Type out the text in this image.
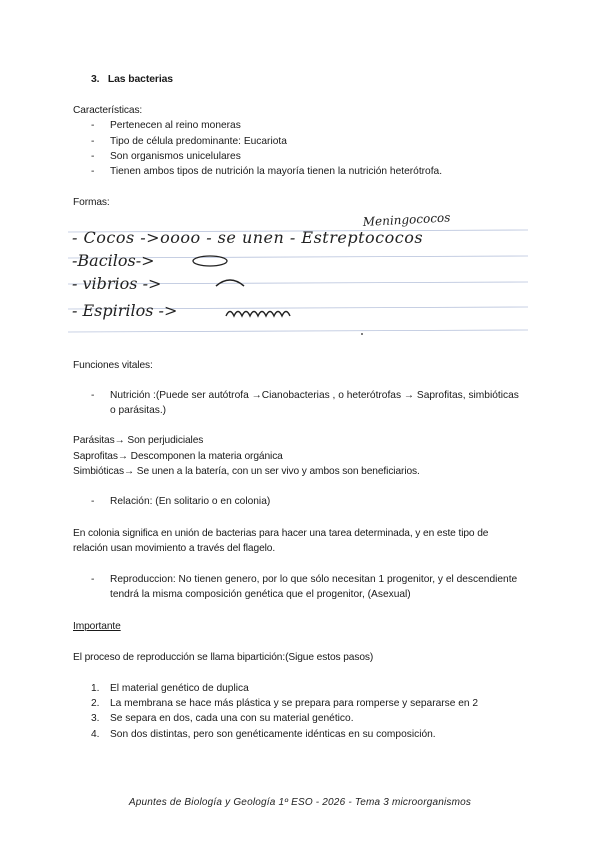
3. Las bacterias
Características:
- Pertenecen al reino moneras
- Tipo de célula predominante: Eucariota
- Son organismos unicelulares
- Tienen ambos tipos de nutrición la mayoría tienen la nutrición heterótrofa.
Formas:
Meningococos
- Cocos ->oooo - se unen - Estreptococos
-Bacilos->
- vibrios ->
- Espirilos ->
Funciones vitales:
- Nutrición :(Puede ser autótrofa →Cianobacterias , o heterótrofas → Saprofitas, simbióticas
o parásitas.)
Parásitas→ Son perjudiciales
Saprofitas→ Descomponen la materia orgánica
Simbióticas→ Se unen a la batería, con un ser vivo y ambos son beneficiarios.
- Relación: (En solitario o en colonia)
En colonia significa en unión de bacterias para hacer una tarea determinada, y en este tipo de
relación usan movimiento a través del flagelo.
- Reproduccion: No tienen genero, por lo que sólo necesitan 1 progenitor, y el descendiente
tendrá la misma composición genética que el progenitor, (Asexual)
Importante
El proceso de reproducción se llama bipartición:(Sigue estos pasos)
1. El material genético de duplica
2. La membrana se hace más plástica y se prepara para romperse y separarse en 2
3. Se separa en dos, cada una con su material genético.
4. Son dos distintas, pero son genéticamente idénticas en su composición.
Apuntes de Biología y Geología 1º ESO - 2026 - Tema 3 microorganismos
